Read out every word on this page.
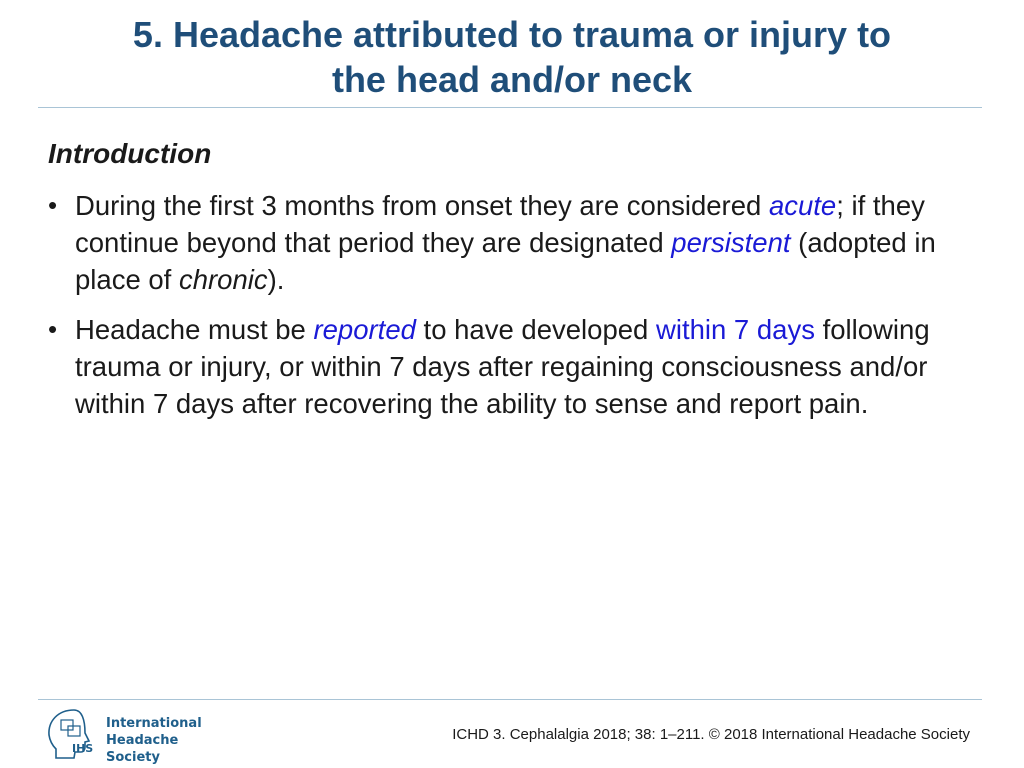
5. Headache attributed to trauma or injury to
the head and/or neck

Introduction

• During the first 3 months from onset they are considered acute; if they continue beyond that period they are designated persistent (adopted in place of chronic).
• Headache must be reported to have developed within 7 days following trauma or injury, or within 7 days after regaining consciousness and/or within 7 days after recovering the ability to sense and report pain.
IHS
International
Headache Society
ICHD 3. Cephalalgia 2018; 38: 1–211. © 2018 International Headache Society
